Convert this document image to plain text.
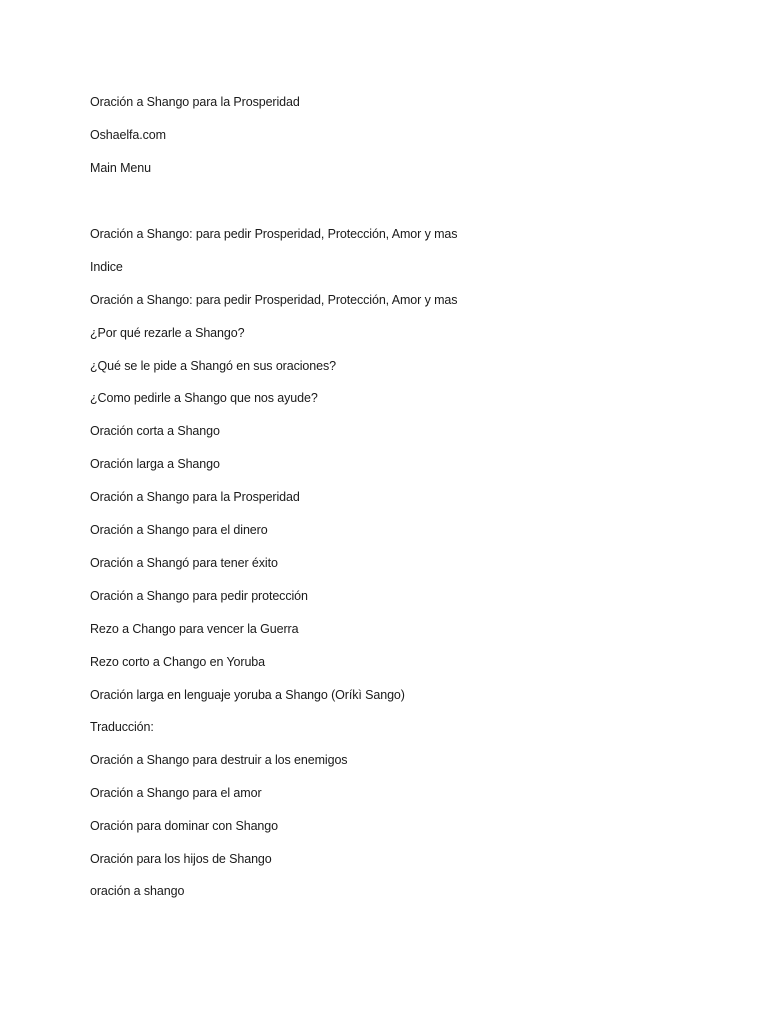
Oración a Shango para la Prosperidad
Oshaelfa.com
Main Menu
Oración a Shango: para pedir Prosperidad, Protección, Amor y mas
Indice
Oración a Shango: para pedir Prosperidad, Protección, Amor y mas
¿Por qué rezarle a Shango?
¿Qué se le pide a Shangó en sus oraciones?
¿Como pedirle a Shango que nos ayude?
Oración corta a Shango
Oración larga a Shango
Oración a Shango para la Prosperidad
Oración a Shango para el dinero
Oración a Shangó para tener éxito
Oración a Shango para pedir protección
Rezo a Chango para vencer la Guerra
Rezo corto a Chango en Yoruba
Oración larga en lenguaje yoruba a Shango (Oríkì Sango)
Traducción:
Oración a Shango para destruir a los enemigos
Oración a Shango para el amor
Oración para dominar con Shango
Oración para los hijos de Shango
oración a shango
